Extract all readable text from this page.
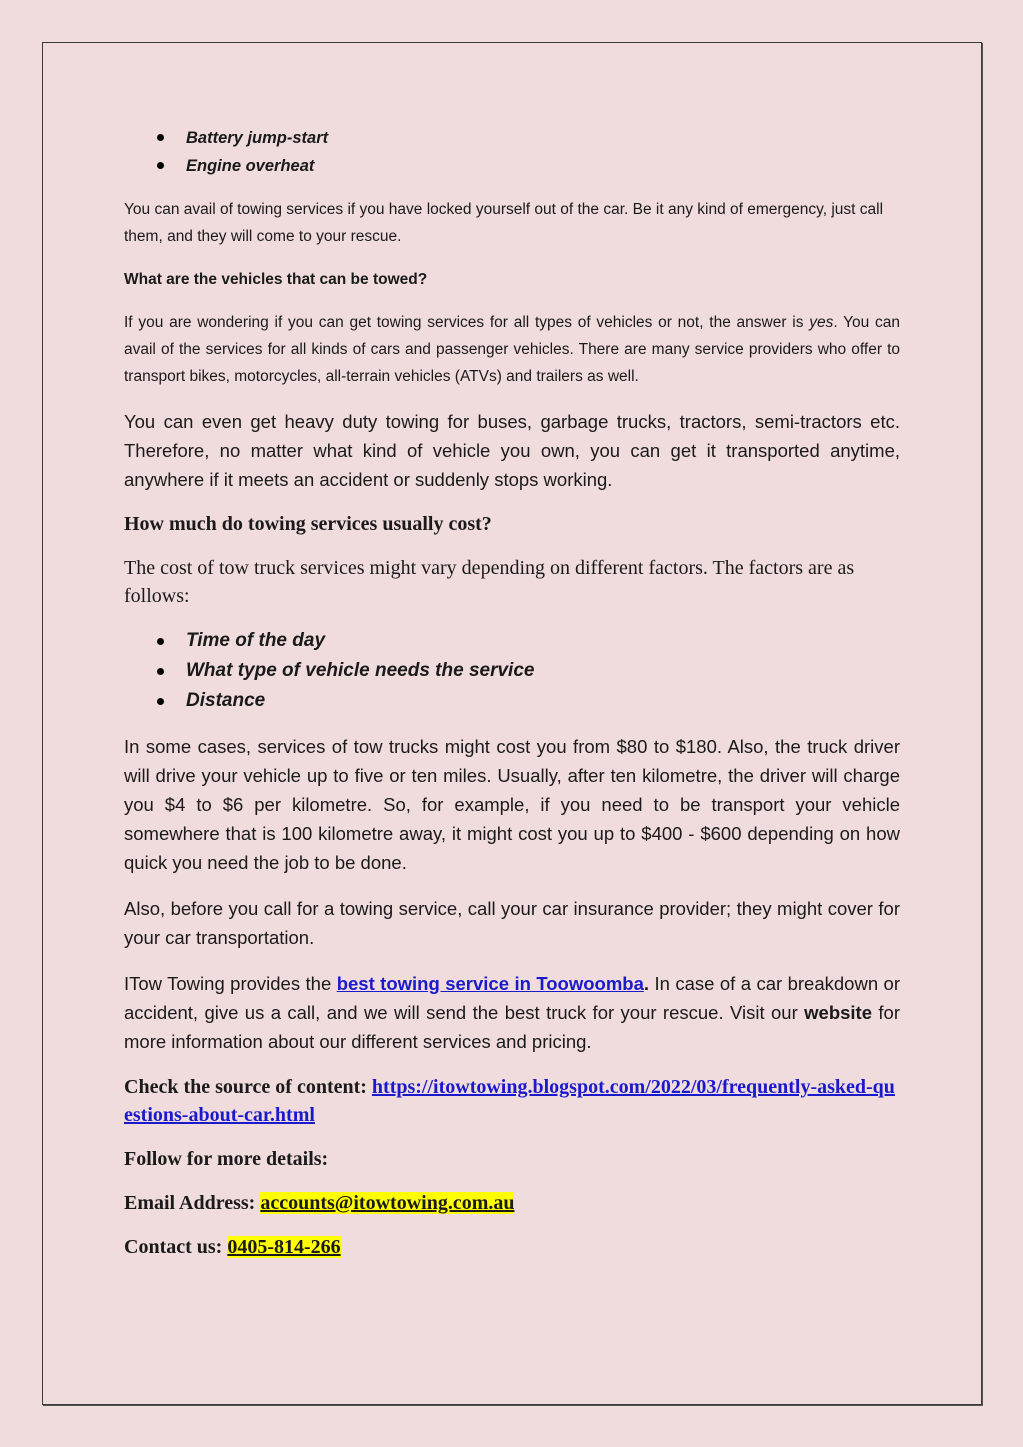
Battery jump-start
Engine overheat

You can avail of towing services if you have locked yourself out of the car. Be it any kind of emergency, just call them, and they will come to your rescue.

What are the vehicles that can be towed?

If you are wondering if you can get towing services for all types of vehicles or not, the answer is yes. You can avail of the services for all kinds of cars and passenger vehicles. There are many service providers who offer to transport bikes, motorcycles, all-terrain vehicles (ATVs) and trailers as well.

You can even get heavy duty towing for buses, garbage trucks, tractors, semi-tractors etc. Therefore, no matter what kind of vehicle you own, you can get it transported anytime, anywhere if it meets an accident or suddenly stops working.

How much do towing services usually cost?

The cost of tow truck services might vary depending on different factors. The factors are as follows:

Time of the day
What type of vehicle needs the service
Distance

In some cases, services of tow trucks might cost you from $80 to $180. Also, the truck driver will drive your vehicle up to five or ten miles. Usually, after ten kilometre, the driver will charge you $4 to $6 per kilometre. So, for example, if you need to be transport your vehicle somewhere that is 100 kilometre away, it might cost you up to $400 - $600 depending on how quick you need the job to be done.

Also, before you call for a towing service, call your car insurance provider; they might cover for your car transportation.

ITow Towing provides the best towing service in Toowoomba. In case of a car breakdown or accident, give us a call, and we will send the best truck for your rescue. Visit our website for more information about our different services and pricing.

Check the source of content: https://itowtowing.blogspot.com/2022/03/frequently-asked-questions-about-car.html

Follow for more details:

Email Address: accounts@itowtowing.com.au

Contact us: 0405-814-266
